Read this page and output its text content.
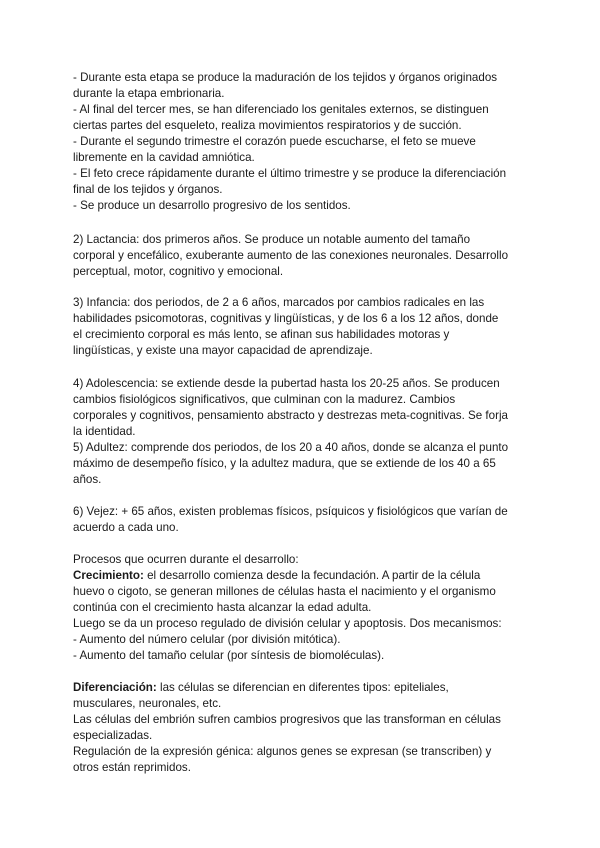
- Durante esta etapa se produce la maduración de los tejidos y órganos originados
durante la etapa embrionaria.
- Al final del tercer mes, se han diferenciado los genitales externos, se distinguen
ciertas partes del esqueleto, realiza movimientos respiratorios y de succión.
- Durante el segundo trimestre el corazón puede escucharse, el feto se mueve
libremente en la cavidad amniótica.
- El feto crece rápidamente durante el último trimestre y se produce la diferenciación
final de los tejidos y órganos.
- Se produce un desarrollo progresivo de los sentidos.
2) Lactancia: dos primeros años. Se produce un notable aumento del tamaño
corporal y encefálico, exuberante aumento de las conexiones neuronales. Desarrollo
perceptual, motor, cognitivo y emocional.
3) Infancia: dos periodos, de 2 a 6 años, marcados por cambios radicales en las
habilidades psicomotoras, cognitivas y lingüísticas, y de los 6 a los 12 años, donde
el crecimiento corporal es más lento, se afinan sus habilidades motoras y
lingüísticas, y existe una mayor capacidad de aprendizaje.
4) Adolescencia: se extiende desde la pubertad hasta los 20-25 años. Se producen
cambios fisiológicos significativos, que culminan con la madurez. Cambios
corporales y cognitivos, pensamiento abstracto y destrezas meta-cognitivas. Se forja
la identidad.
5) Adultez: comprende dos periodos, de los 20 a 40 años, donde se alcanza el punto
máximo de desempeño físico, y la adultez madura, que se extiende de los 40 a 65
años.
6) Vejez: + 65 años, existen problemas físicos, psíquicos y fisiológicos que varían de
acuerdo a cada uno.
Procesos que ocurren durante el desarrollo:
Crecimiento: el desarrollo comienza desde la fecundación. A partir de la célula
huevo o cigoto, se generan millones de células hasta el nacimiento y el organismo
continúa con el crecimiento hasta alcanzar la edad adulta.
Luego se da un proceso regulado de división celular y apoptosis. Dos mecanismos:
- Aumento del número celular (por división mitótica).
- Aumento del tamaño celular (por síntesis de biomoléculas).
Diferenciación: las células se diferencian en diferentes tipos: epiteliales,
musculares, neuronales, etc.
Las células del embrión sufren cambios progresivos que las transforman en células
especializadas.
Regulación de la expresión génica: algunos genes se expresan (se transcriben) y
otros están reprimidos.
